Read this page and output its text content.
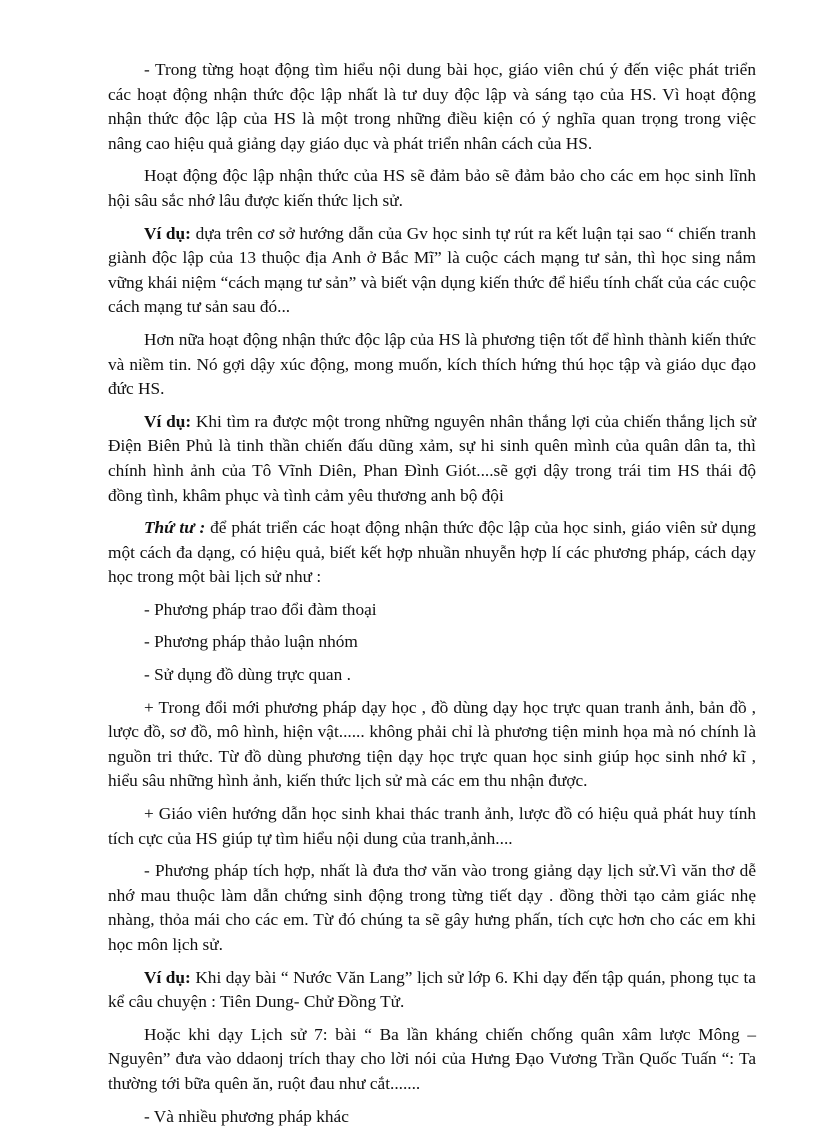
- Trong từng hoạt động tìm hiểu nội dung bài học, giáo viên chú ý đến việc phát triển các hoạt động nhận thức độc lập nhất là tư duy độc lập và sáng tạo của HS. Vì hoạt động nhận thức độc lập của HS là một trong những điều kiện có ý nghĩa quan trọng trong việc nâng cao hiệu quả giảng dạy giáo dục và phát triển nhân cách của HS.

Hoạt động độc lập nhận thức của HS sẽ đảm bảo sẽ đảm bảo cho các em học sinh lĩnh hội sâu sắc nhớ lâu được kiến thức lịch sử.

Ví dụ: dựa trên cơ sở hướng dẫn của Gv học sinh tự rút ra kết luận tại sao “ chiến tranh giành độc lập của 13 thuộc địa Anh ở Bắc Mĩ” là cuộc cách mạng tư sản, thì học sing nắm vững khái niệm “cách mạng tư sản” và biết vận dụng kiến thức để hiểu tính chất của các cuộc cách mạng tư sản sau đó...

Hơn nữa hoạt động nhận thức độc lập của HS là phương tiện tốt để hình thành kiến thức và niềm tin. Nó gợi dậy xúc động, mong muốn, kích thích hứng thú học tập và giáo dục đạo đức HS.

Ví dụ: Khi tìm ra được một trong những nguyên nhân thắng lợi của chiến thắng lịch sử Điện Biên Phủ là tinh thần chiến đấu dũng xảm, sự hi sinh quên mình của quân dân ta, thì chính hình ảnh của Tô Vĩnh Diên, Phan Đình Giót....sẽ gợi dậy trong trái tim HS thái độ đồng tình, khâm phục và tình cảm yêu thương anh bộ đội

Thứ tư : để phát triển các hoạt động nhận thức độc lập của học sinh, giáo viên sử dụng một cách đa dạng, có hiệu quả, biết kết hợp nhuần nhuyễn hợp lí các phương pháp, cách dạy học trong một bài lịch sử như :

- Phương pháp trao đổi đàm thoại

- Phương pháp thảo luận nhóm

- Sử dụng đồ dùng trực quan .

+ Trong đổi mới phương pháp dạy học , đồ dùng dạy học trực quan tranh ảnh, bản đồ , lược đồ, sơ đồ, mô hình, hiện vật...... không phải chỉ là phương tiện minh họa mà nó chính là nguồn tri thức. Từ đồ dùng phương tiện dạy học trực quan học sinh giúp học sinh nhớ kĩ , hiểu sâu những hình ảnh, kiến thức lịch sử mà các em thu nhận được.

+ Giáo viên hướng dẫn học sinh khai thác tranh ảnh, lược đồ có hiệu quả phát huy tính tích cực của HS giúp tự tìm hiểu nội dung của tranh,ảnh....

- Phương pháp tích hợp, nhất là đưa thơ văn vào trong giảng dạy lịch sử.Vì văn thơ dễ nhớ mau thuộc làm dẫn chứng sinh động trong từng tiết dạy . đồng thời tạo cảm giác nhẹ nhàng, thỏa mái cho các em. Từ đó chúng ta sẽ gây hưng phấn, tích cực hơn cho các em khi học môn lịch sử.

Ví dụ: Khi dạy bài “ Nước Văn Lang” lịch sử lớp 6. Khi dạy đến tập quán, phong tục ta kể câu chuyện : Tiên Dung- Chử Đồng Tử.

Hoặc khi dạy Lịch sử 7: bài “ Ba lần kháng chiến chống quân xâm lược Mông –Nguyên” đưa vào ddaonj trích thay cho lời nói của Hưng Đạo Vương Trần Quốc Tuấn “: Ta thường tới bữa quên ăn, ruột đau như cắt.......

- Và nhiều phương pháp khác
